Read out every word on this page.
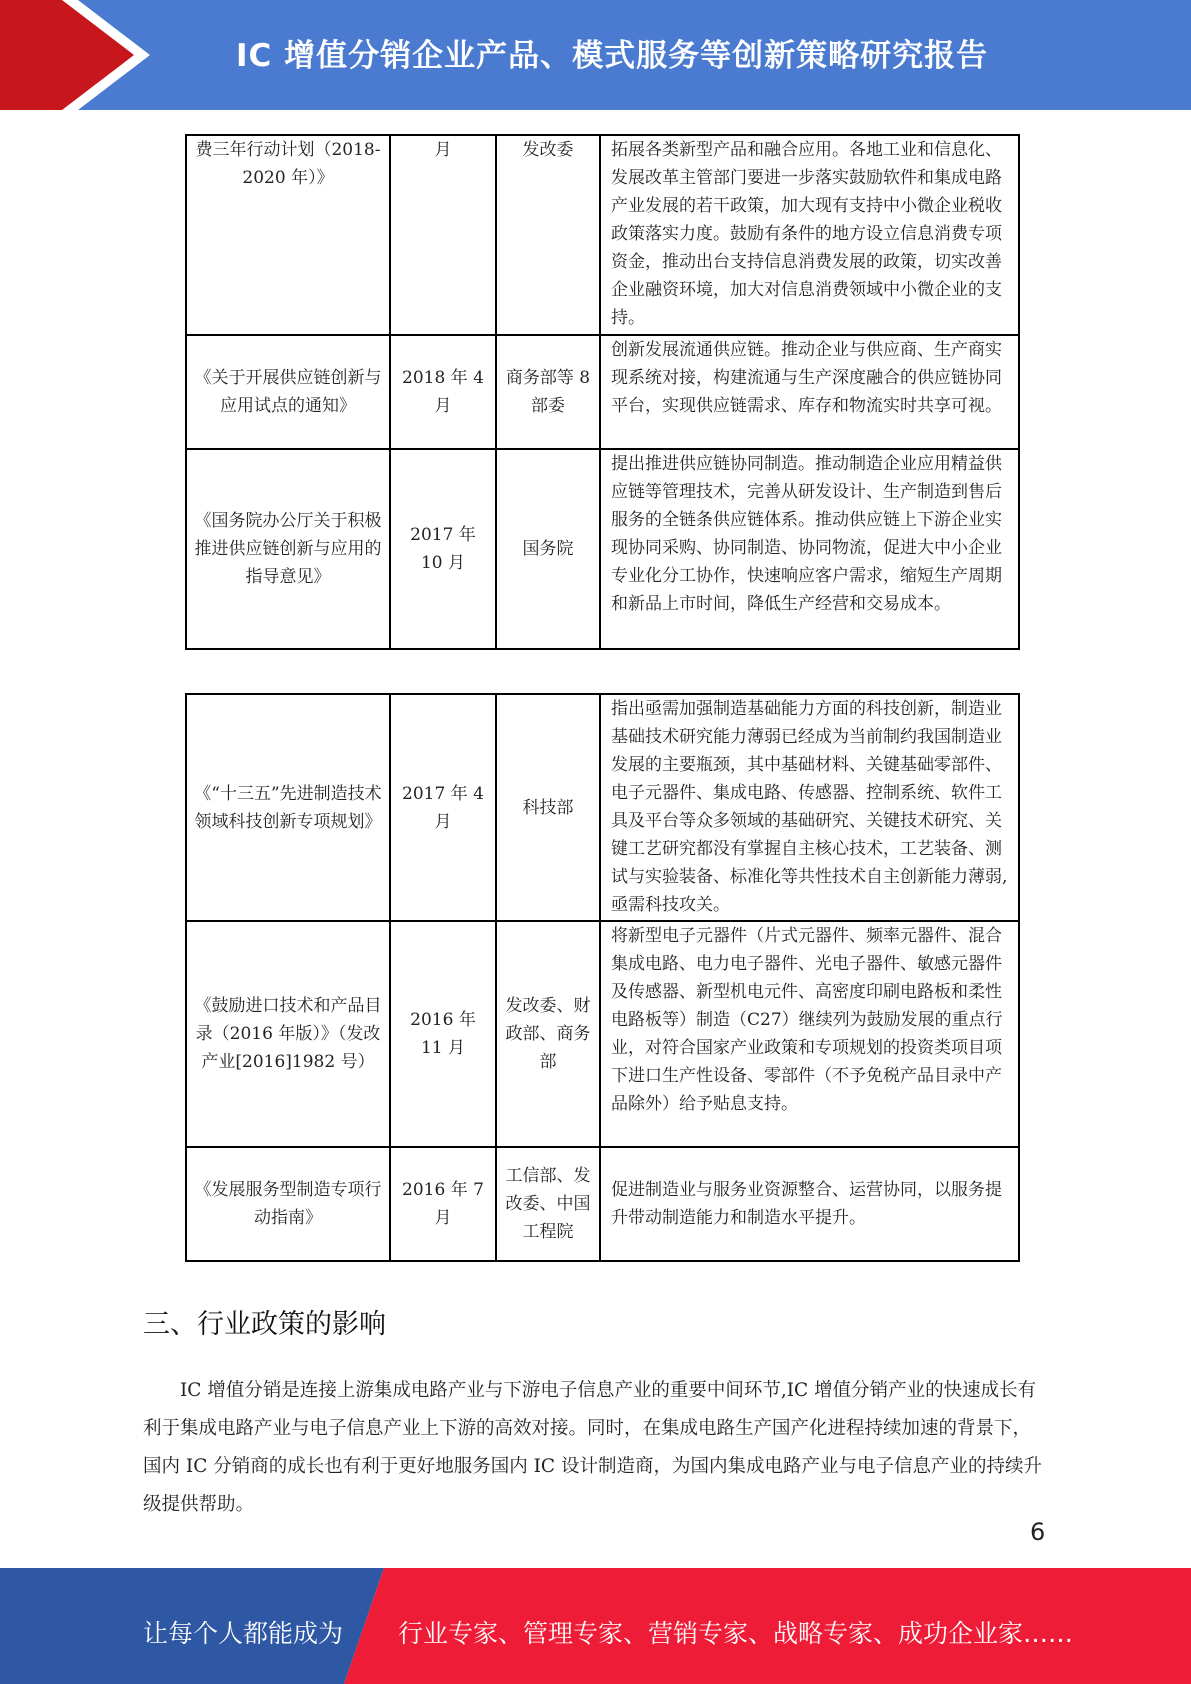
IC 增值分销企业产品、模式服务等创新策略研究报告
费三年行动计划（2018-2020 年）》	月	发改委	拓展各类新型产品和融合应用。各地工业和信息化、发展改革主管部门要进一步落实鼓励软件和集成电路产业发展的若干政策，加大现有支持中小微企业税收政策落实力度。鼓励有条件的地方设立信息消费专项资金，推动出台支持信息消费发展的政策，切实改善企业融资环境，加大对信息消费领域中小微企业的支持。
《关于开展供应链创新与应用试点的通知》	2018 年 4 月	商务部等 8 部委	创新发展流通供应链。推动企业与供应商、生产商实现系统对接，构建流通与生产深度融合的供应链协同平台，实现供应链需求、库存和物流实时共享可视。
《国务院办公厅关于积极推进供应链创新与应用的指导意见》	2017 年 10 月	国务院	提出推进供应链协同制造。推动制造企业应用精益供应链等管理技术，完善从研发设计、生产制造到售后服务的全链条供应链体系。推动供应链上下游企业实现协同采购、协同制造、协同物流，促进大中小企业专业化分工协作，快速响应客户需求，缩短生产周期和新品上市时间，降低生产经营和交易成本。
《“十三五”先进制造技术领域科技创新专项规划》	2017 年 4 月	科技部	指出亟需加强制造基础能力方面的科技创新，制造业基础技术研究能力薄弱已经成为当前制约我国制造业发展的主要瓶颈，其中基础材料、关键基础零部件、电子元器件、集成电路、传感器、控制系统、软件工具及平台等众多领域的基础研究、关键技术研究、关键工艺研究都没有掌握自主核心技术，工艺装备、测试与实验装备、标准化等共性技术自主创新能力薄弱,亟需科技攻关。
《鼓励进口技术和产品目录（2016 年版）》（发改产业[2016]1982 号）	2016 年 11 月	发改委、财政部、商务部	将新型电子元器件（片式元器件、频率元器件、混合集成电路、电力电子器件、光电子器件、敏感元器件及传感器、新型机电元件、高密度印刷电路板和柔性电路板等）制造（C27）继续列为鼓励发展的重点行业，对符合国家产业政策和专项规划的投资类项目项下进口生产性设备、零部件（不予免税产品目录中产品除外）给予贴息支持。
《发展服务型制造专项行动指南》	2016 年 7 月	工信部、发改委、中国工程院	促进制造业与服务业资源整合、运营协同，以服务提升带动制造能力和制造水平提升。
三、行业政策的影响

IC 增值分销是连接上游集成电路产业与下游电子信息产业的重要中间环节,IC 增值分销产业的快速成长有利于集成电路产业与电子信息产业上下游的高效对接。同时，在集成电路生产国产化进程持续加速的背景下，国内 IC 分销商的成长也有利于更好地服务国内 IC 设计制造商，为国内集成电路产业与电子信息产业的持续升级提供帮助。

6
让每个人都能成为 行业专家、管理专家、营销专家、战略专家、成功企业家……
